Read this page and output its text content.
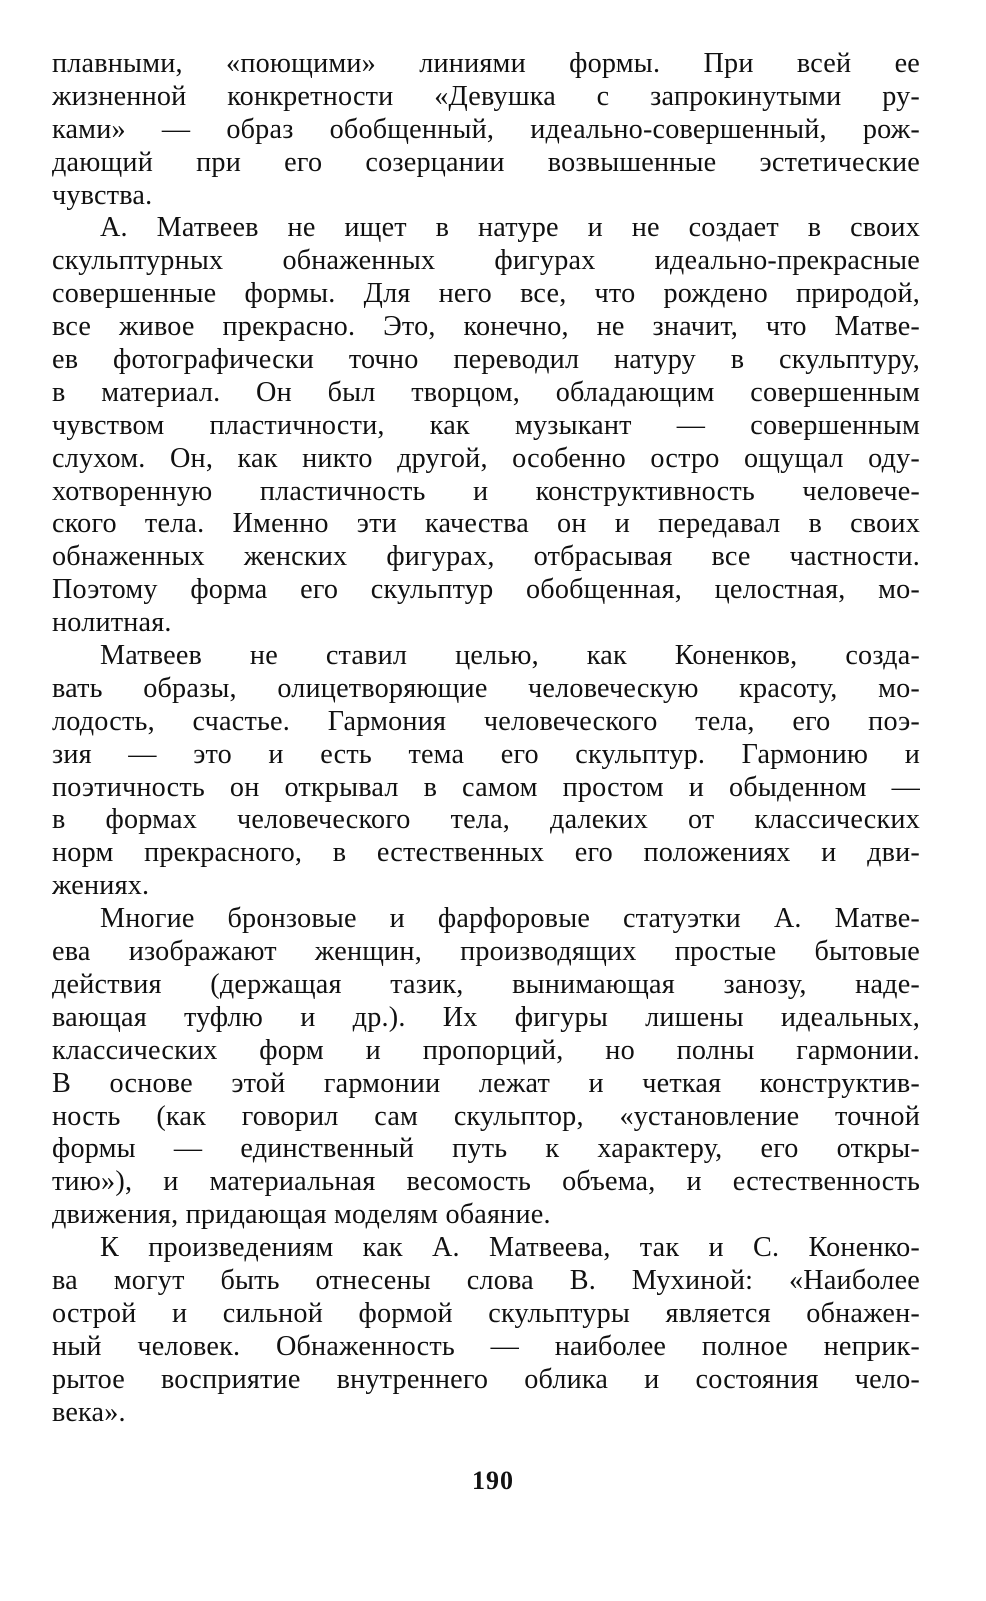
плавными, «поющими» линиями формы. При всей ее
жизненной конкретности «Девушка с запрокинутыми ру-
ками» — образ обобщенный, идеально-совершенный, рож-
дающий при его созерцании возвышенные эстетические
чувства.
А. Матвеев не ищет в натуре и не создает в своих
скульптурных обнаженных фигурах идеально-прекрасные
совершенные формы. Для него все, что рождено природой,
все живое прекрасно. Это, конечно, не значит, что Матве-
ев фотографически точно переводил натуру в скульптуру,
в материал. Он был творцом, обладающим совершенным
чувством пластичности, как музыкант — совершенным
слухом. Он, как никто другой, особенно остро ощущал оду-
хотворенную пластичность и конструктивность человече-
ского тела. Именно эти качества он и передавал в своих
обнаженных женских фигурах, отбрасывая все частности.
Поэтому форма его скульптур обобщенная, целостная, мо-
нолитная.
Матвеев не ставил целью, как Коненков, созда-
вать образы, олицетворяющие человеческую красоту, мо-
лодость, счастье. Гармония человеческого тела, его поэ-
зия — это и есть тема его скульптур. Гармонию и
поэтичность он открывал в самом простом и обыденном —
в формах человеческого тела, далеких от классических
норм прекрасного, в естественных его положениях и дви-
жениях.
Многие бронзовые и фарфоровые статуэтки А. Матве-
ева изображают женщин, производящих простые бытовые
действия (держащая тазик, вынимающая занозу, наде-
вающая туфлю и др.). Их фигуры лишены идеальных,
классических форм и пропорций, но полны гармонии.
В основе этой гармонии лежат и четкая конструктив-
ность (как говорил сам скульптор, «установление точной
формы — единственный путь к характеру, его откры-
тию»), и материальная весомость объема, и естественность
движения, придающая моделям обаяние.
К произведениям как А. Матвеева, так и С. Коненко-
ва могут быть отнесены слова В. Мухиной: «Наиболее
острой и сильной формой скульптуры является обнажен-
ный человек. Обнаженность — наиболее полное неприк-
рытое восприятие внутреннего облика и состояния чело-
века».
190
